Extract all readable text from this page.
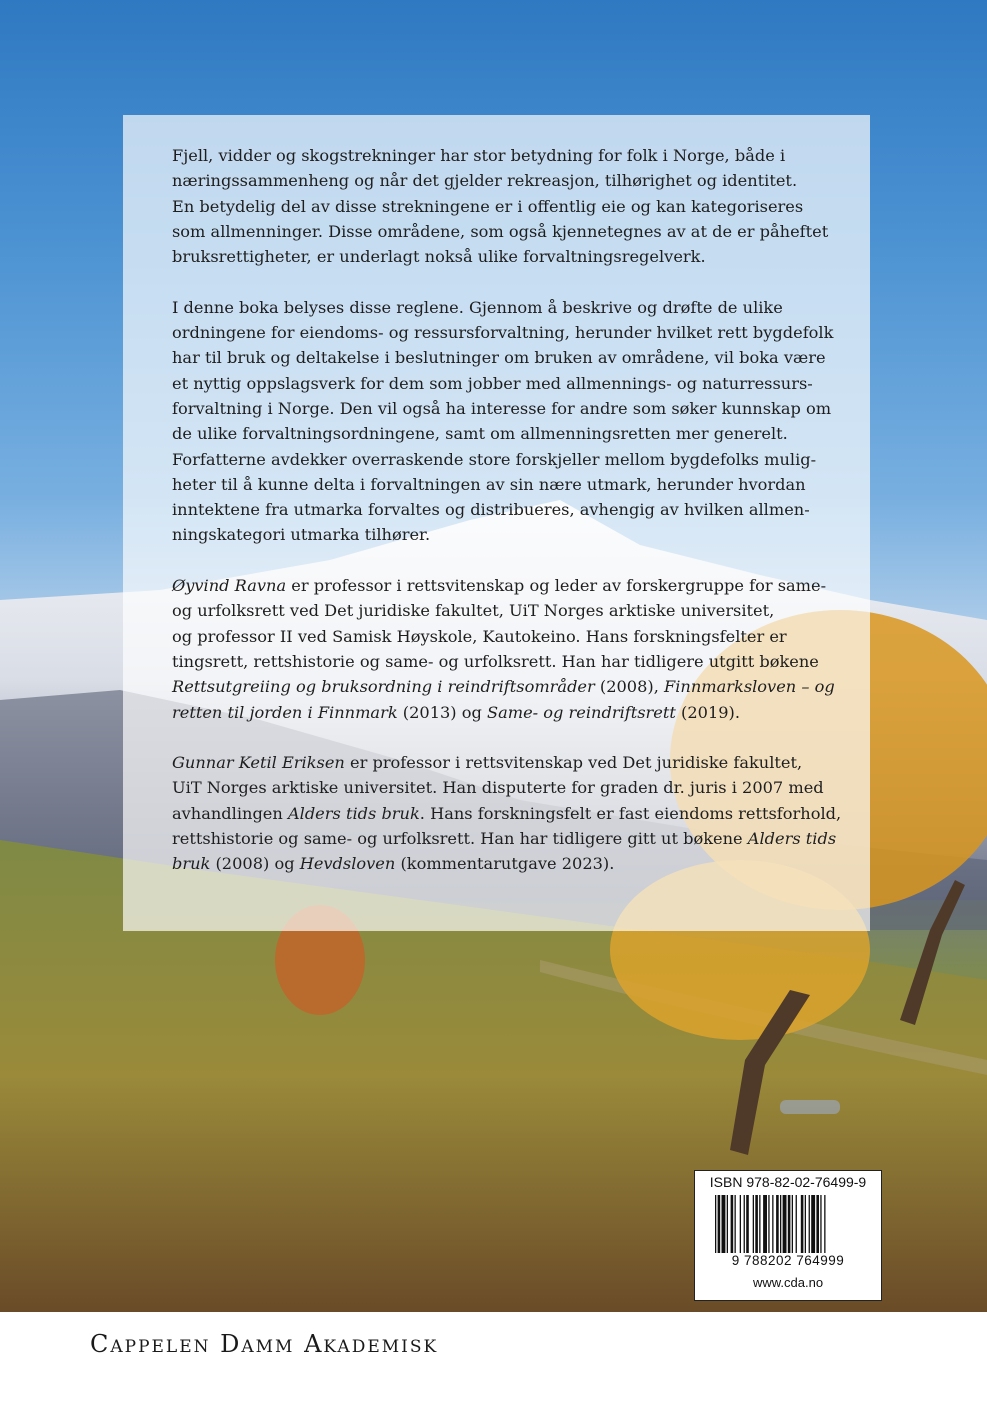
Fjell, vidder og skogstrekninger har stor betydning for folk i Norge, både i
næringssammenheng og når det gjelder rekreasjon, tilhørighet og identitet.
En betydelig del av disse strekningene er i offentlig eie og kan kategoriseres
som allmenninger. Disse områdene, som også kjennetegnes av at de er påheftet
bruksrettigheter, er underlagt nokså ulike forvaltningsregelverk.

I denne boka belyses disse reglene. Gjennom å beskrive og drøfte de ulike
ordningene for eiendoms- og ressursforvaltning, herunder hvilket rett bygdefolk
har til bruk og deltakelse i beslutninger om bruken av områdene, vil boka være
et nyttig oppslagsverk for dem som jobber med allmennings- og naturressurs-
forvaltning i Norge. Den vil også ha interesse for andre som søker kunnskap om
de ulike forvaltningsordningene, samt om allmenningsretten mer generelt.
Forfatterne avdekker overraskende store forskjeller mellom bygdefolks mulig-
heter til å kunne delta i forvaltningen av sin nære utmark, herunder hvordan
inntektene fra utmarka forvaltes og distribueres, avhengig av hvilken allmen-
ningskategori utmarka tilhører.

Øyvind Ravna er professor i rettsvitenskap og leder av forskergruppe for same-
og urfolksrett ved Det juridiske fakultet, UiT Norges arktiske universitet,
og professor II ved Samisk Høyskole, Kautokeino. Hans forskningsfelter er
tingsrett, rettshistorie og same- og urfolksrett. Han har tidligere utgitt bøkene
Rettsutgreiing og bruksordning i reindriftsområder (2008), Finnmarksloven – og
retten til jorden i Finnmark (2013) og Same- og reindriftsrett (2019).

Gunnar Ketil Eriksen er professor i rettsvitenskap ved Det juridiske fakultet,
UiT Norges arktiske universitet. Han disputerte for graden dr. juris i 2007 med
avhandlingen Alders tids bruk. Hans forskningsfelt er fast eiendoms rettsforhold,
rettshistorie og same- og urfolksrett. Han har tidligere gitt ut bøkene Alders tids
bruk (2008) og Hevdsloven (kommentarutgave 2023).

ISBN 978-82-02-76499-9
9 788202 764999
www.cda.no
Cappelen Damm Akademisk
